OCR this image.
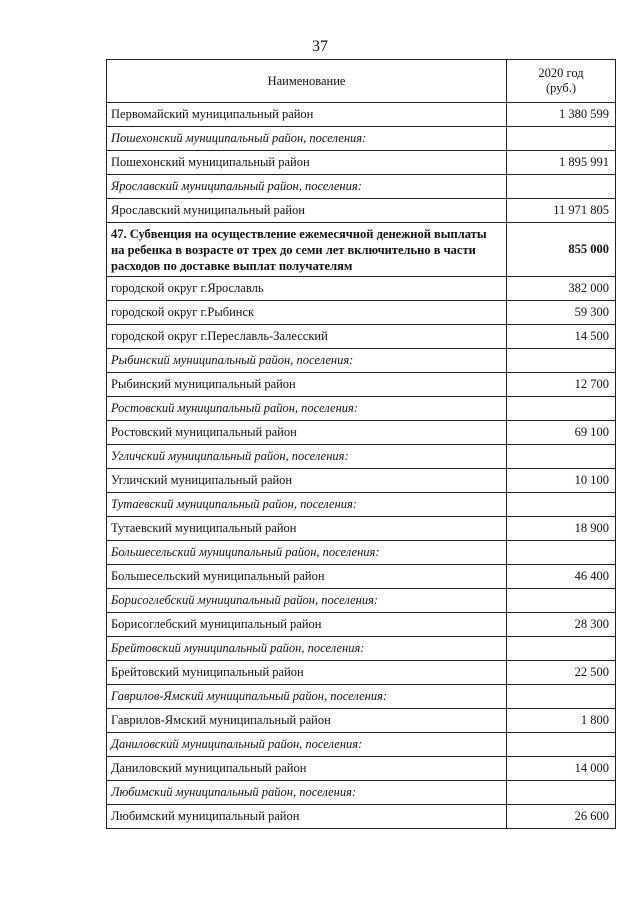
37
Наименование	2020 год
(руб.)

Первомайский муниципальный район	1 380 599
Пошехонский муниципальный район, поселения:	
Пошехонский муниципальный район	1 895 991
Ярославский муниципальный район, поселения:	
Ярославский муниципальный район	11 971 805
47. Субвенция на осуществление ежемесячной денежной выплаты на ребенка в возрасте от трех до семи лет включительно в части расходов по доставке выплат получателям	855 000
городской округ г.Ярославль	382 000
городской округ г.Рыбинск	59 300
городской округ г.Переславль-Залесский	14 500
Рыбинский муниципальный район, поселения:	
Рыбинский муниципальный район	12 700
Ростовский муниципальный район, поселения:	
Ростовский муниципальный район	69 100
Угличский муниципальный район, поселения:	
Угличский муниципальный район	10 100
Тутаевский муниципальный район, поселения:	
Тутаевский муниципальный район	18 900
Большесельский муниципальный район, поселения:	
Большесельский муниципальный район	46 400
Борисоглебский муниципальный район, поселения:	
Борисоглебский муниципальный район	28 300
Брейтовский муниципальный район, поселения:	
Брейтовский муниципальный район	22 500
Гаврилов-Ямский муниципальный район, поселения:	
Гаврилов-Ямский муниципальный район	1 800
Даниловский муниципальный район, поселения:	
Даниловский муниципальный район	14 000
Любимский муниципальный район, поселения:	
Любимский муниципальный район	26 600
